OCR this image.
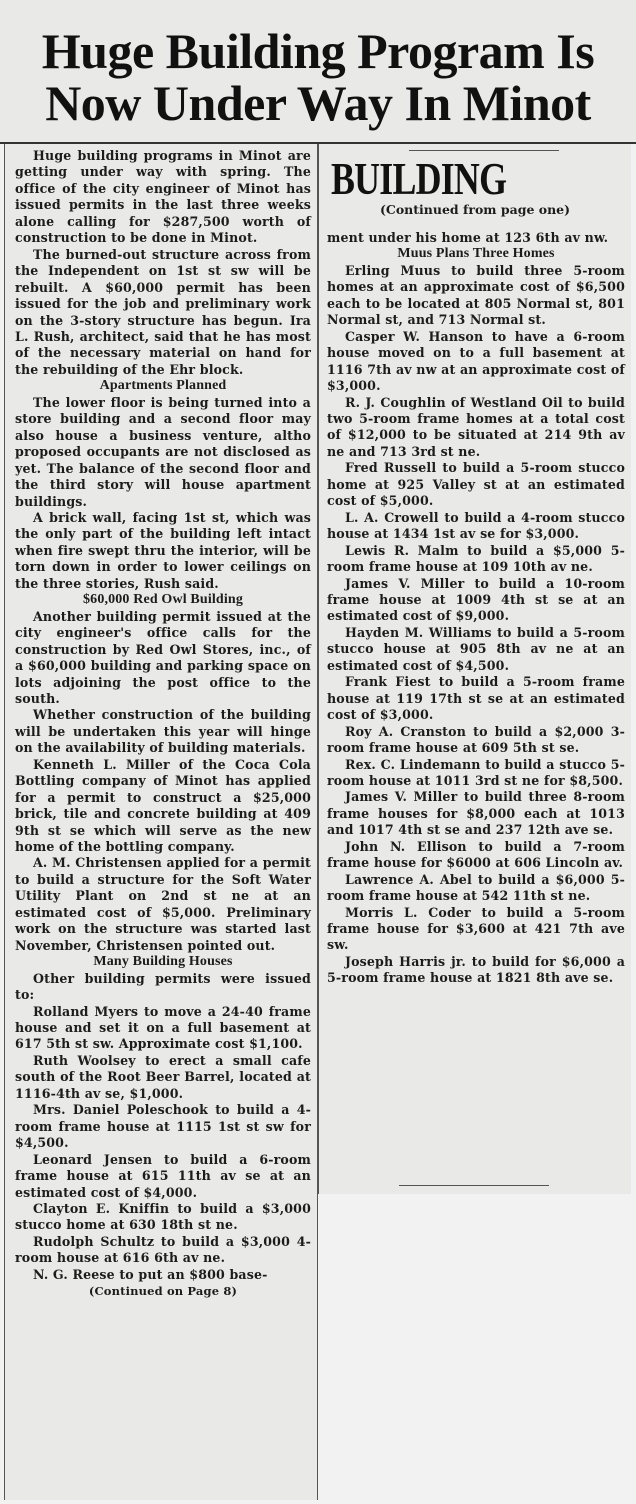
Huge Building Program Is
Now Under Way In Minot

Huge building programs in Minot are getting under way with spring. The office of the city engineer of Minot has issued permits in the last three weeks alone calling for $287,500 worth of construction to be done in Minot.

The burned-out structure across from the Independent on 1st st sw will be rebuilt. A $60,000 permit has been issued for the job and preliminary work on the 3-story structure has begun. Ira L. Rush, architect, said that he has most of the necessary material on hand for the rebuilding of the Ehr block.

Apartments Planned

The lower floor is being turned into a store building and a second floor may also house a business venture, altho proposed occupants are not disclosed as yet. The balance of the second floor and the third story will house apartment buildings.

A brick wall, facing 1st st, which was the only part of the building left intact when fire swept thru the interior, will be torn down in order to lower ceilings on the three stories, Rush said.

$60,000 Red Owl Building

Another building permit issued at the city engineer's office calls for the construction by Red Owl Stores, inc., of a $60,000 building and parking space on lots adjoining the post office to the south.

Whether construction of the building will be undertaken this year will hinge on the availability of building materials.

Kenneth L. Miller of the Coca Cola Bottling company of Minot has applied for a permit to construct a $25,000 brick, tile and concrete building at 409 9th st se which will serve as the new home of the bottling company.

A. M. Christensen applied for a permit to build a structure for the Soft Water Utility Plant on 2nd st ne at an estimated cost of $5,000. Preliminary work on the structure was started last November, Christensen pointed out.

Many Building Houses

Other building permits were issued to:

Rolland Myers to move a 24-40 frame house and set it on a full basement at 617 5th st sw. Approximate cost $1,100.

Ruth Woolsey to erect a small cafe south of the Root Beer Barrel, located at 1116-4th av se, $1,000.

Mrs. Daniel Poleschook to build a 4-room frame house at 1115 1st st sw for $4,500.

Leonard Jensen to build a 6-room frame house at 615 11th av se at an estimated cost of $4,000.

Clayton E. Kniffin to build a $3,000 stucco home at 630 18th st ne.

Rudolph Schultz to build a $3,000 4-room house at 616 6th av ne.

N. G. Reese to put an $800 base-

(Continued on Page 8)

BUILDING
(Continued from page one)

ment under his home at 123 6th av nw.

Muus Plans Three Homes

Erling Muus to build three 5-room homes at an approximate cost of $6,500 each to be located at 805 Normal st, 801 Normal st, and 713 Normal st.

Casper W. Hanson to have a 6-room house moved on to a full basement at 1116 7th av nw at an approximate cost of $3,000.

R. J. Coughlin of Westland Oil to build two 5-room frame homes at a total cost of $12,000 to be situated at 214 9th av ne and 713 3rd st ne.

Fred Russell to build a 5-room stucco home at 925 Valley st at an estimated cost of $5,000.

L. A. Crowell to build a 4-room stucco house at 1434 1st av se for $3,000.

Lewis R. Malm to build a $5,000 5-room frame house at 109 10th av ne.

James V. Miller to build a 10-room frame house at 1009 4th st se at an estimated cost of $9,000.

Hayden M. Williams to build a 5-room stucco house at 905 8th av ne at an estimated cost of $4,500.

Frank Fiest to build a 5-room frame house at 119 17th st se at an estimated cost of $3,000.

Roy A. Cranston to build a $2,000 3-room frame house at 609 5th st se.

Rex. C. Lindemann to build a stucco 5-room house at 1011 3rd st ne for $8,500.

James V. Miller to build three 8-room frame houses for $8,000 each at 1013 and 1017 4th st se and 237 12th ave se.

John N. Ellison to build a 7-room frame house for $6000 at 606 Lincoln av.

Lawrence A. Abel to build a $6,000 5-room frame house at 542 11th st ne.

Morris L. Coder to build a 5-room frame house for $3,600 at 421 7th ave sw.

Joseph Harris jr. to build for $6,000 a 5-room frame house at 1821 8th ave se.
